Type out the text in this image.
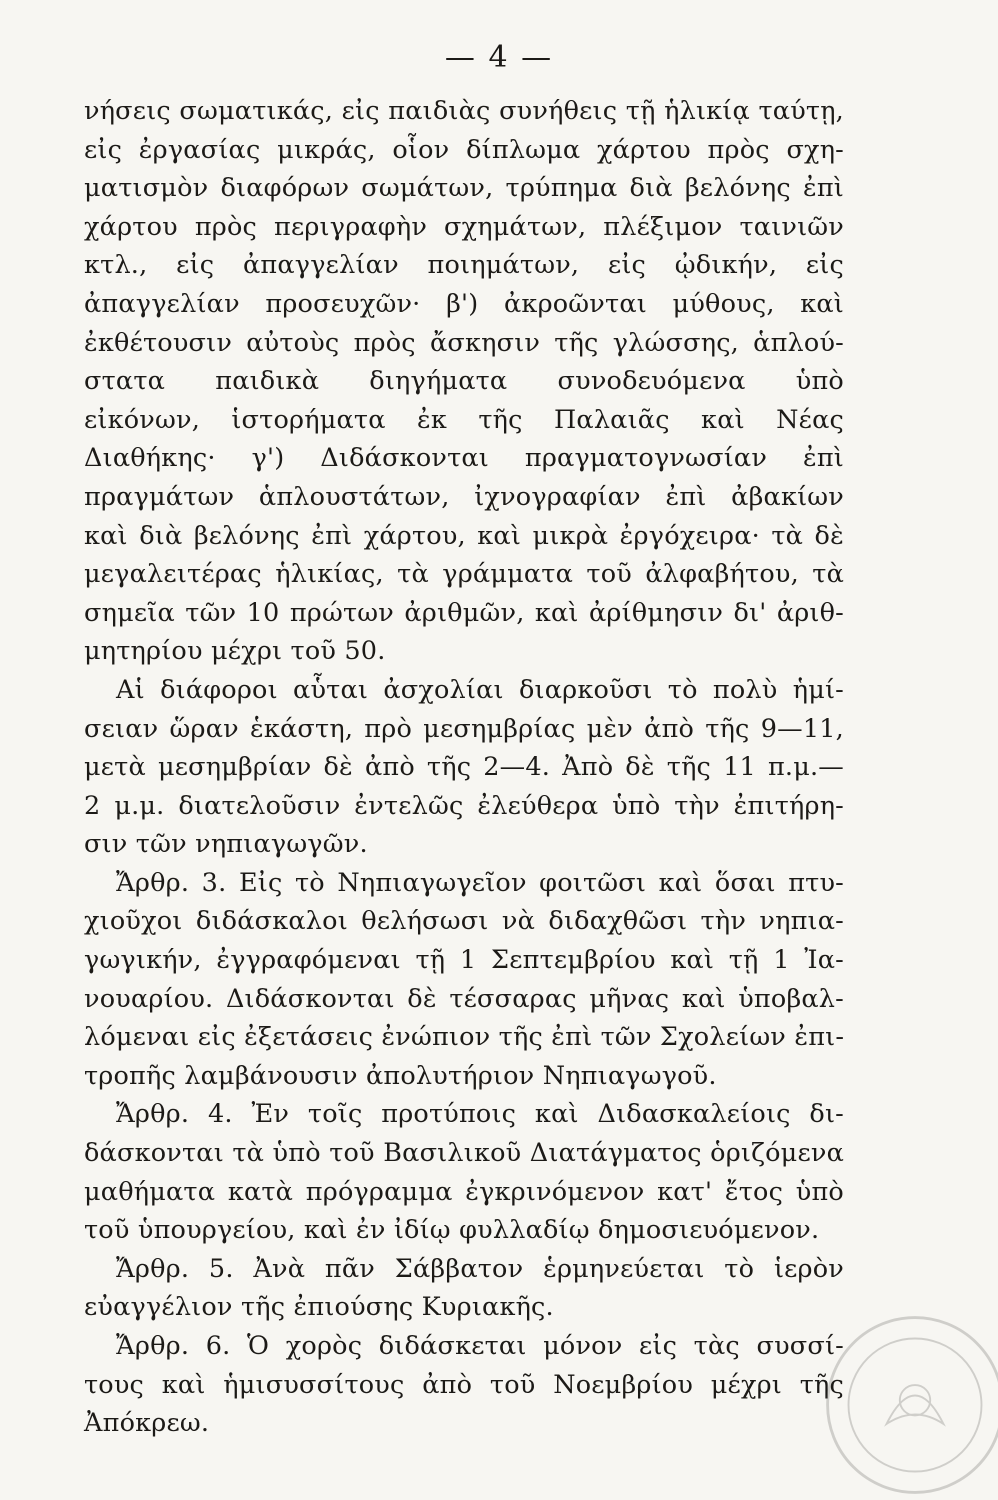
— 4 —
νήσεις σωματικάς, εἰς παιδιὰς συνήθεις τῇ ἡλικίᾳ ταύτῃ,
εἰς ἐργασίας μικράς, οἷον δίπλωμα χάρτου πρὸς σχη-
ματισμὸν διαφόρων σωμάτων, τρύπημα διὰ βελόνης ἐπὶ
χάρτου πρὸς περιγραφὴν σχημάτων, πλέξιμον ταινιῶν
κτλ., εἰς ἀπαγγελίαν ποιημάτων, εἰς ᾠδικήν, εἰς
ἀπαγγελίαν προσευχῶν· β') ἀκροῶνται μύθους, καὶ
ἐκθέτουσιν αὐτοὺς πρὸς ἄσκησιν τῆς γλώσσης, ἁπλού-
στατα παιδικὰ διηγήματα συνοδευόμενα ὑπὸ
εἰκόνων, ἱστορήματα ἐκ τῆς Παλαιᾶς καὶ Νέας
Διαθήκης· γ') Διδάσκονται πραγματογνωσίαν ἐπὶ
πραγμάτων ἁπλουστάτων, ἰχνογραφίαν ἐπὶ ἀβακίων
καὶ διὰ βελόνης ἐπὶ χάρτου, καὶ μικρὰ ἐργόχειρα· τὰ δὲ
μεγαλειτέρας ἡλικίας, τὰ γράμματα τοῦ ἀλφαβήτου, τὰ
σημεῖα τῶν 10 πρώτων ἀριθμῶν, καὶ ἀρίθμησιν δι' ἀριθ-
μητηρίου μέχρι τοῦ 50.
Αἱ διάφοροι αὗται ἀσχολίαι διαρκοῦσι τὸ πολὺ ἡμί-
σειαν ὥραν ἑκάστη, πρὸ μεσημβρίας μὲν ἀπὸ τῆς 9—11,
μετὰ μεσημβρίαν δὲ ἀπὸ τῆς 2—4. Ἀπὸ δὲ τῆς 11 π.μ.—
2 μ.μ. διατελοῦσιν ἐντελῶς ἐλεύθερα ὑπὸ τὴν ἐπιτήρη-
σιν τῶν νηπιαγωγῶν.
Ἄρθρ. 3. Εἰς τὸ Νηπιαγωγεῖον φοιτῶσι καὶ ὅσαι πτυ-
χιοῦχοι διδάσκαλοι θελήσωσι νὰ διδαχθῶσι τὴν νηπια-
γωγικήν, ἐγγραφόμεναι τῇ 1 Σεπτεμβρίου καὶ τῇ 1 Ἰα-
νουαρίου. Διδάσκονται δὲ τέσσαρας μῆνας καὶ ὑποβαλ-
λόμεναι εἰς ἐξετάσεις ἐνώπιον τῆς ἐπὶ τῶν Σχολείων ἐπι-
τροπῆς λαμβάνουσιν ἀπολυτήριον Νηπιαγωγοῦ.
Ἄρθρ. 4. Ἐν τοῖς προτύποις καὶ Διδασκαλείοις δι-
δάσκονται τὰ ὑπὸ τοῦ Βασιλικοῦ Διατάγματος ὁριζόμενα
μαθήματα κατὰ πρόγραμμα ἐγκρινόμενον κατ' ἔτος ὑπὸ
τοῦ ὑπουργείου, καὶ ἐν ἰδίῳ φυλλαδίῳ δημοσιευόμενον.
Ἄρθρ. 5. Ἀνὰ πᾶν Σάββατον ἑρμηνεύεται τὸ ἱερὸν
εὐαγγέλιον τῆς ἐπιούσης Κυριακῆς.
Ἄρθρ. 6. Ὁ χορὸς διδάσκεται μόνον εἰς τὰς συσσί-
τους καὶ ἡμισυσσίτους ἀπὸ τοῦ Νοεμβρίου μέχρι τῆς
Ἀπόκρεω.
